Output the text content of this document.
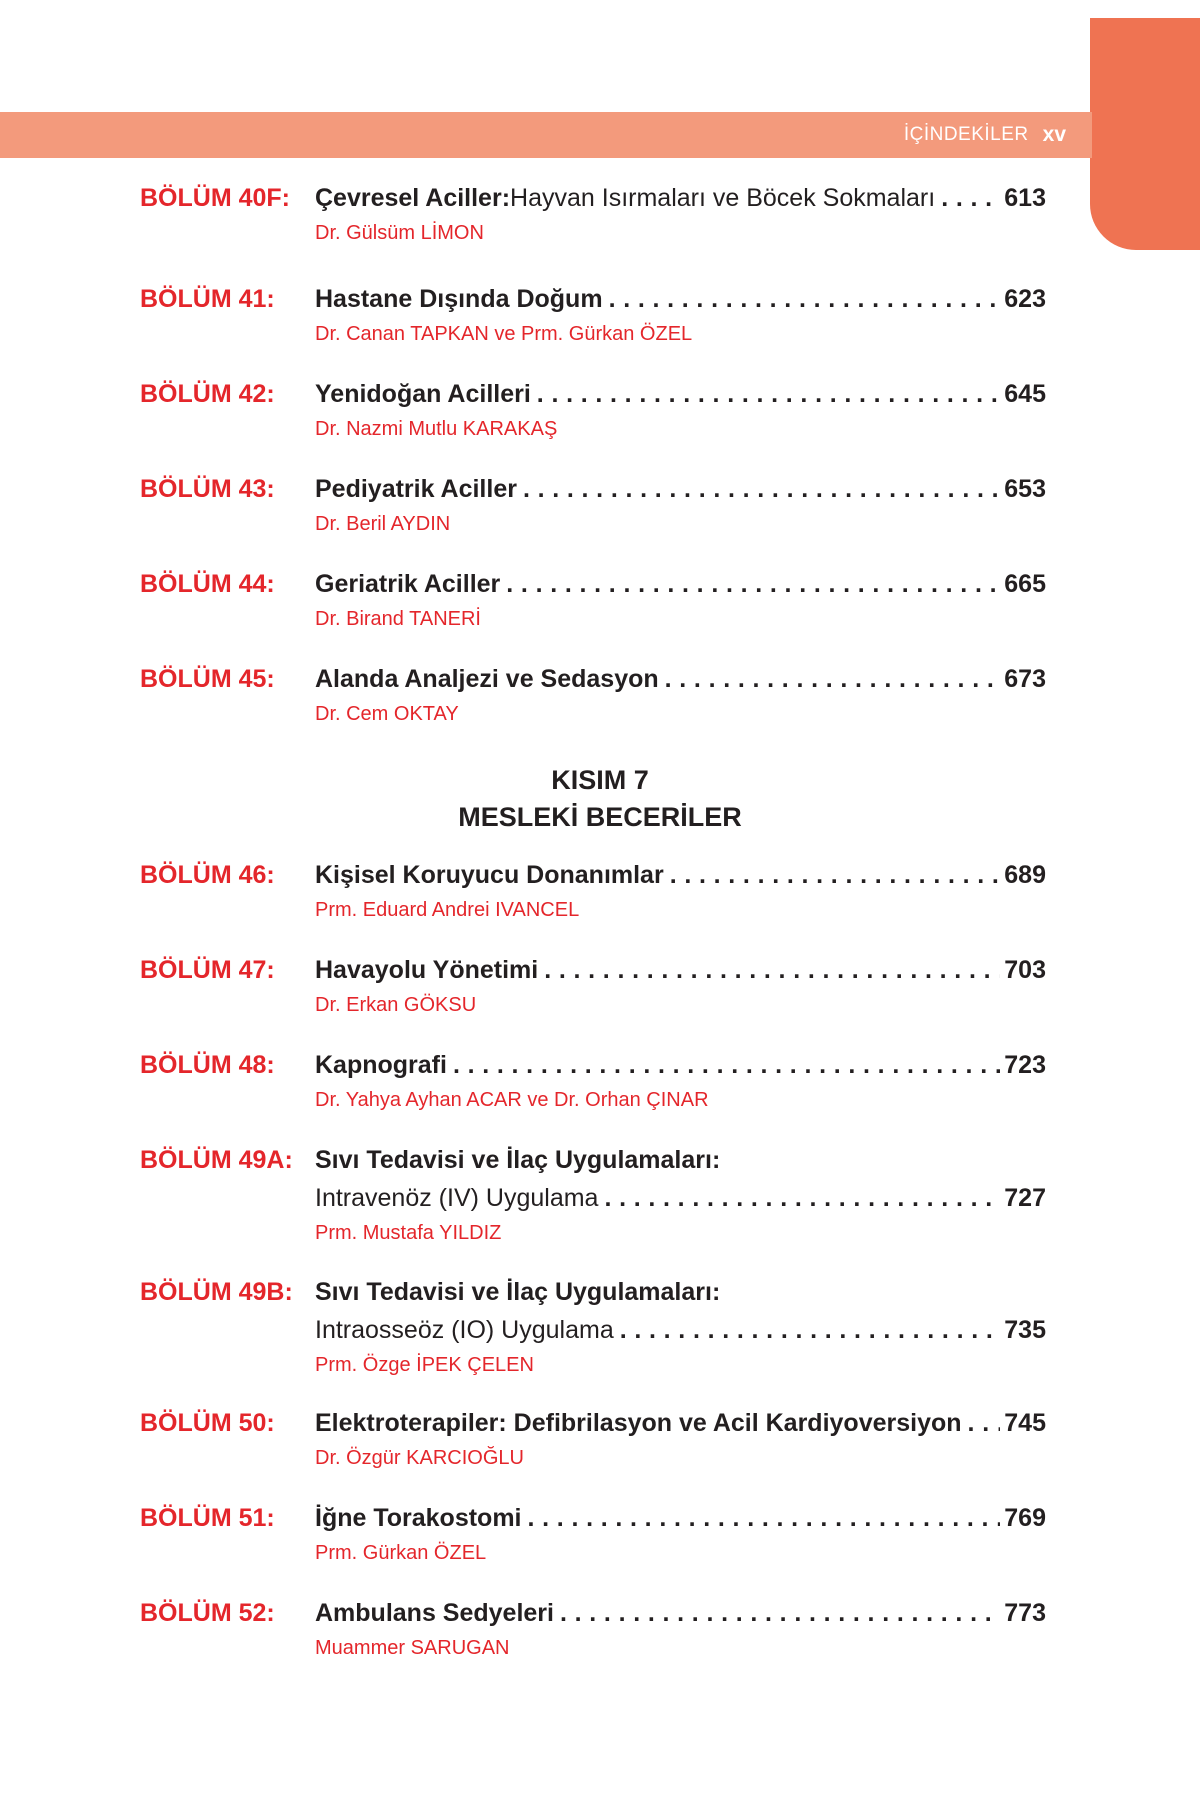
İÇİNDEKİLER xv
BÖLÜM 40F: Çevresel Aciller: Hayvan Isırmaları ve Böcek Sokmaları .....	613
Dr. Gülsüm LİMON
BÖLÜM 41: Hastane Dışında Doğum .....	623
Dr. Canan TAPKAN ve Prm. Gürkan ÖZEL
BÖLÜM 42: Yenidoğan Acilleri .....	645
Dr. Nazmi Mutlu KARAKAŞ
BÖLÜM 43: Pediyatrik Aciller .....	653
Dr. Beril AYDIN
BÖLÜM 44: Geriatrik Aciller .....	665
Dr. Birand TANERİ
BÖLÜM 45: Alanda Analjezi ve Sedasyon .....	673
Dr. Cem OKTAY
KISIM 7
MESLEKİ BECERİLER
BÖLÜM 46: Kişisel Koruyucu Donanımlar .....	689
Prm. Eduard Andrei IVANCEL
BÖLÜM 47: Havayolu Yönetimi .....	703
Dr. Erkan GÖKSU
BÖLÜM 48: Kapnografi .....	723
Dr. Yahya Ayhan ACAR ve Dr. Orhan ÇINAR
BÖLÜM 49A: Sıvı Tedavisi ve İlaç Uygulamaları:
Intravenöz (IV) Uygulama .....	727
Prm. Mustafa YILDIZ
BÖLÜM 49B: Sıvı Tedavisi ve İlaç Uygulamaları:
Intraosseöz (IO) Uygulama .....	735
Prm. Özge İPEK ÇELEN
BÖLÜM 50: Elektroterapiler: Defibrilasyon ve Acil Kardiyoversiyon ..... 745
Dr. Özgür KARCIOĞLU
BÖLÜM 51: İğne Torakostomi .....	769
Prm. Gürkan ÖZEL
BÖLÜM 52: Ambulans Sedyeleri .....	773
Muammer SARUGAN
